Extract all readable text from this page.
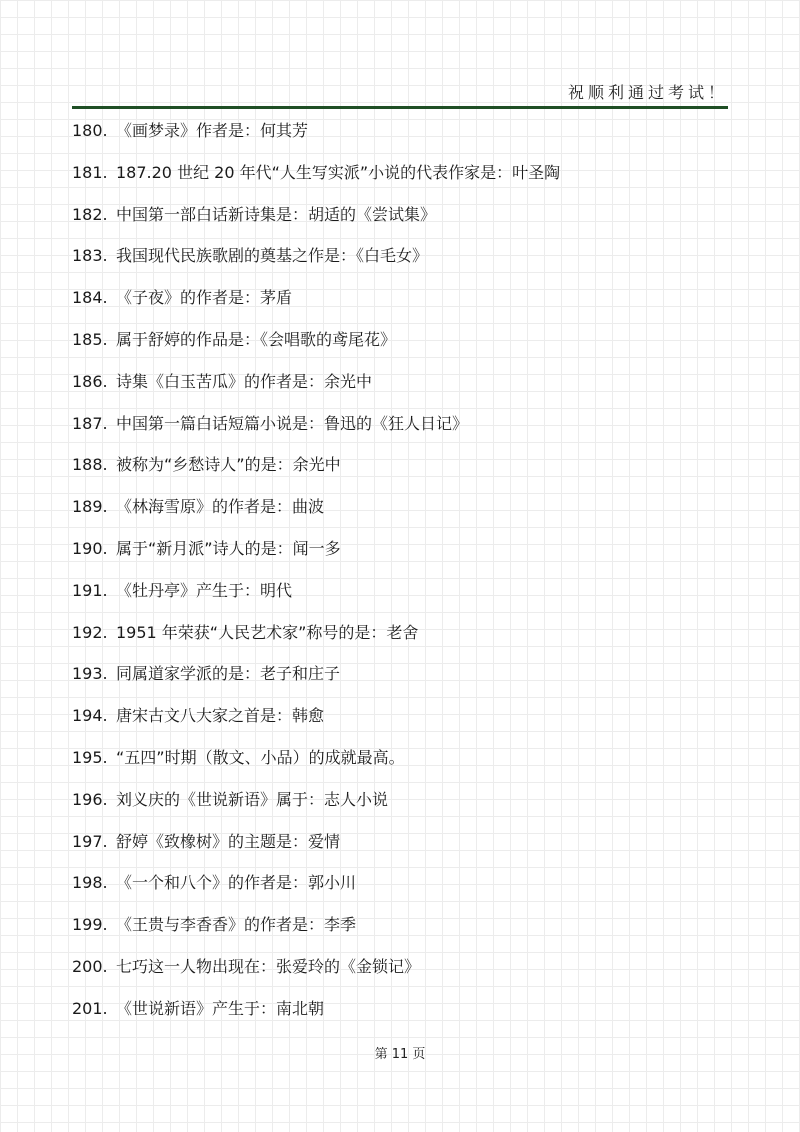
祝顺利通过考试！
180. 《画梦录》作者是：何其芳
181. 187.20 世纪 20 年代“人生写实派”小说的代表作家是：叶圣陶
182. 中国第一部白话新诗集是：胡适的《尝试集》
183. 我国现代民族歌剧的奠基之作是：《白毛女》
184. 《子夜》的作者是：茅盾
185. 属于舒婷的作品是：《会唱歌的鸢尾花》
186. 诗集《白玉苦瓜》的作者是：余光中
187. 中国第一篇白话短篇小说是：鲁迅的《狂人日记》
188. 被称为“乡愁诗人”的是：余光中
189. 《林海雪原》的作者是：曲波
190. 属于“新月派”诗人的是：闻一多
191. 《牡丹亭》产生于：明代
192. 1951 年荣获“人民艺术家”称号的是：老舍
193. 同属道家学派的是：老子和庄子
194. 唐宋古文八大家之首是：韩愈
195. “五四”时期（散文、小品）的成就最高。
196. 刘义庆的《世说新语》属于：志人小说
197. 舒婷《致橡树》的主题是：爱情
198. 《一个和八个》的作者是：郭小川
199. 《王贵与李香香》的作者是：李季
200. 七巧这一人物出现在：张爱玲的《金锁记》
201. 《世说新语》产生于：南北朝
第 11 页
